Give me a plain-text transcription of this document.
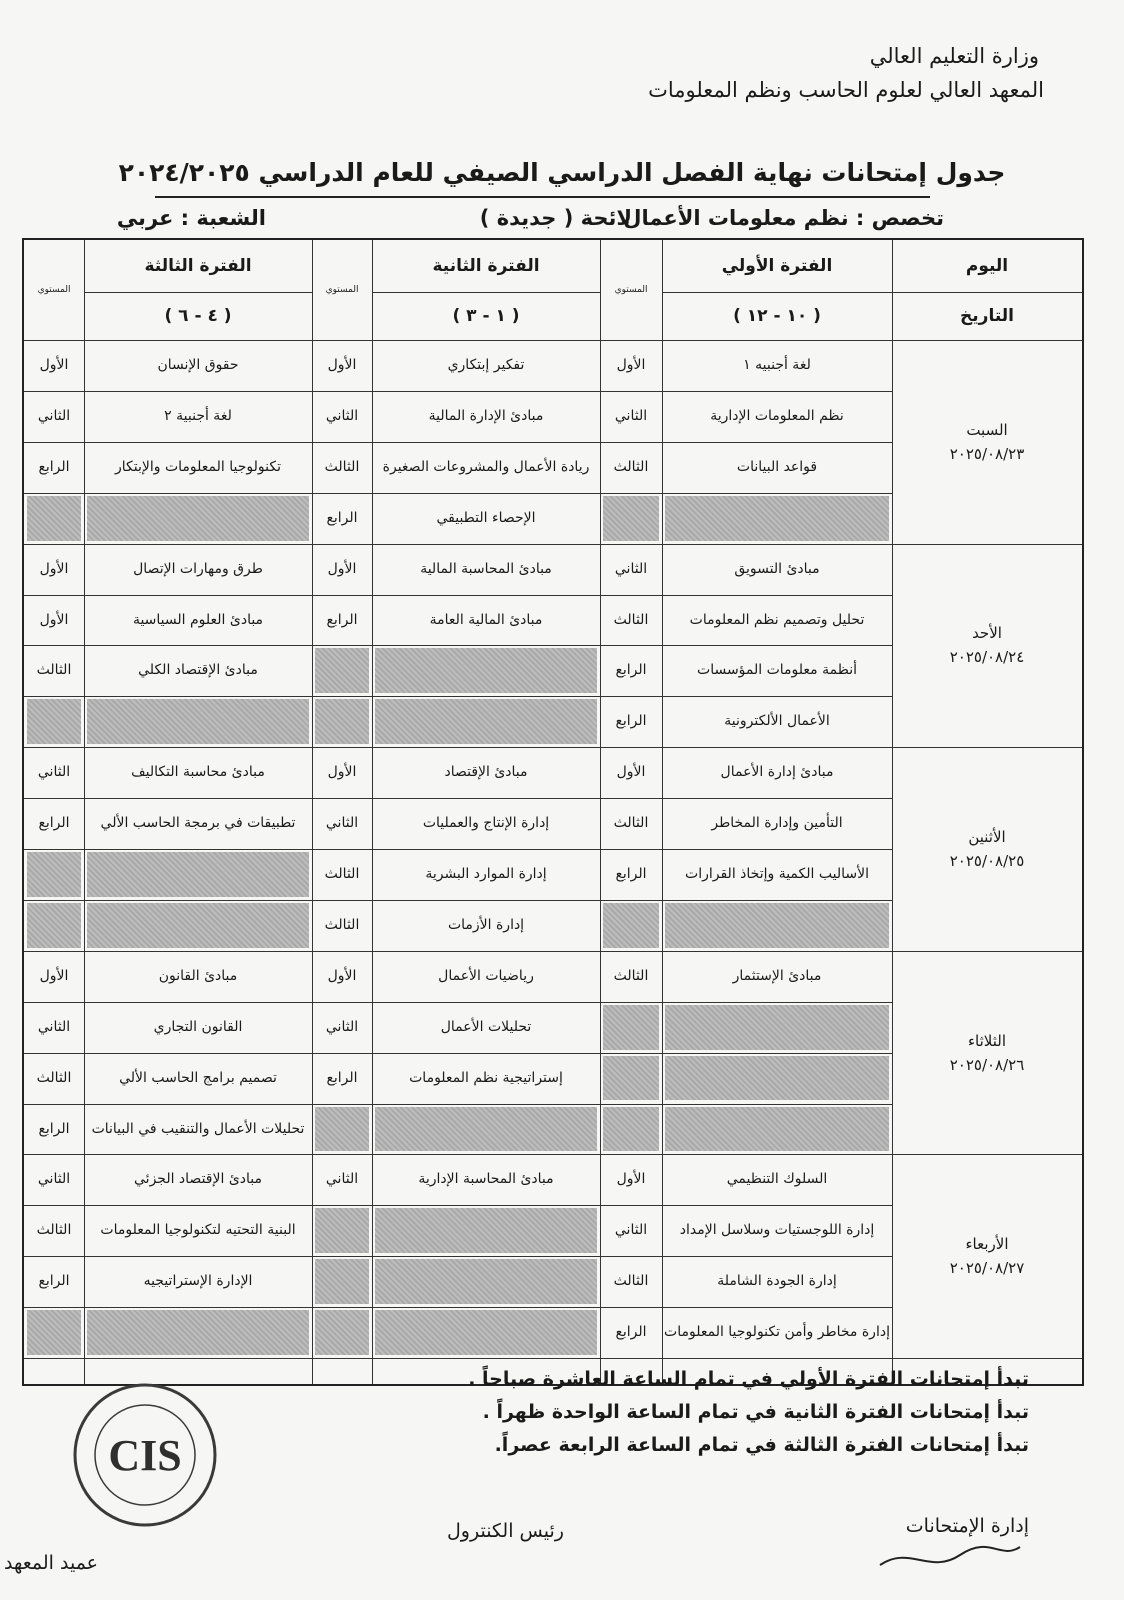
وزارة التعليم العالي
المعهد العالي لعلوم الحاسب ونظم المعلومات
جدول إمتحانات نهاية الفصل الدراسي الصيفي للعام الدراسي ٢٠٢٤/٢٠٢٥
تخصص : نظم معلومات الأعمال
لائحة ( جديدة )
الشعبة : عربي
اليوم
التاريخ
الفترة الأولي
( ١٠ - ١٢ )
المستوي
الفترة الثانية
( ١ - ٣ )
المستوي
الفترة الثالثة
( ٤ - ٦ )
المستوي
لغة أجنبيه ١
الأول
تفكير إبتكاري
الأول
حقوق الإنسان
الأول
نظم المعلومات الإدارية
الثاني
مبادئ الإدارة المالية
الثاني
لغة أجنبية ٢
الثاني
قواعد البيانات
الثالث
ريادة الأعمال والمشروعات الصغيرة
الثالث
تكنولوجيا المعلومات والإبتكار
الرابع
الإحصاء التطبيقي
الرابع
مبادئ التسويق
الثاني
مبادئ المحاسبة المالية
الأول
طرق ومهارات الإتصال
الأول
تحليل وتصميم نظم المعلومات
الثالث
مبادئ المالية العامة
الرابع
مبادئ العلوم السياسية
الأول
أنظمة معلومات المؤسسات
الرابع
مبادئ الإقتصاد الكلي
الثالث
الأعمال الألكترونية
الرابع
مبادئ إدارة الأعمال
الأول
مبادئ الإقتصاد
الأول
مبادئ محاسبة التكاليف
الثاني
التأمين وإدارة المخاطر
الثالث
إدارة الإنتاج والعمليات
الثاني
تطبيقات في برمجة الحاسب الألي
الرابع
الأساليب الكمية وإتخاذ القرارات
الرابع
إدارة الموارد البشرية
الثالث
إدارة الأزمات
الثالث
مبادئ الإستثمار
الثالث
رياضيات الأعمال
الأول
مبادئ القانون
الأول
تحليلات الأعمال
الثاني
القانون التجاري
الثاني
إستراتيجية نظم المعلومات
الرابع
تصميم برامج الحاسب الألي
الثالث
تحليلات الأعمال والتنقيب في البيانات
الرابع
السلوك التنظيمي
الأول
مبادئ المحاسبة الإدارية
الثاني
مبادئ الإقتصاد الجزئي
الثاني
إدارة اللوجستيات وسلاسل الإمداد
الثاني
البنية التحتيه لتكنولوجيا المعلومات
الثالث
إدارة الجودة الشاملة
الثالث
الإدارة الإستراتيجيه
الرابع
إدارة مخاطر وأمن تكنولوجيا المعلومات
الرابع
السبت
٢٠٢٥/٠٨/٢٣
الأحد
٢٠٢٥/٠٨/٢٤
الأثنين
٢٠٢٥/٠٨/٢٥
الثلاثاء
٢٠٢٥/٠٨/٢٦
الأربعاء
٢٠٢٥/٠٨/٢٧
تبدأ إمتحانات الفترة الأولي في تمام الساعة العاشرة صباحاً .
تبدأ إمتحانات الفترة الثانية في تمام الساعة الواحدة ظهراً .
تبدأ إمتحانات الفترة الثالثة في تمام الساعة الرابعة عصراً.
إدارة الإمتحانات
رئيس الكنترول
عميد المعهد
CIS
